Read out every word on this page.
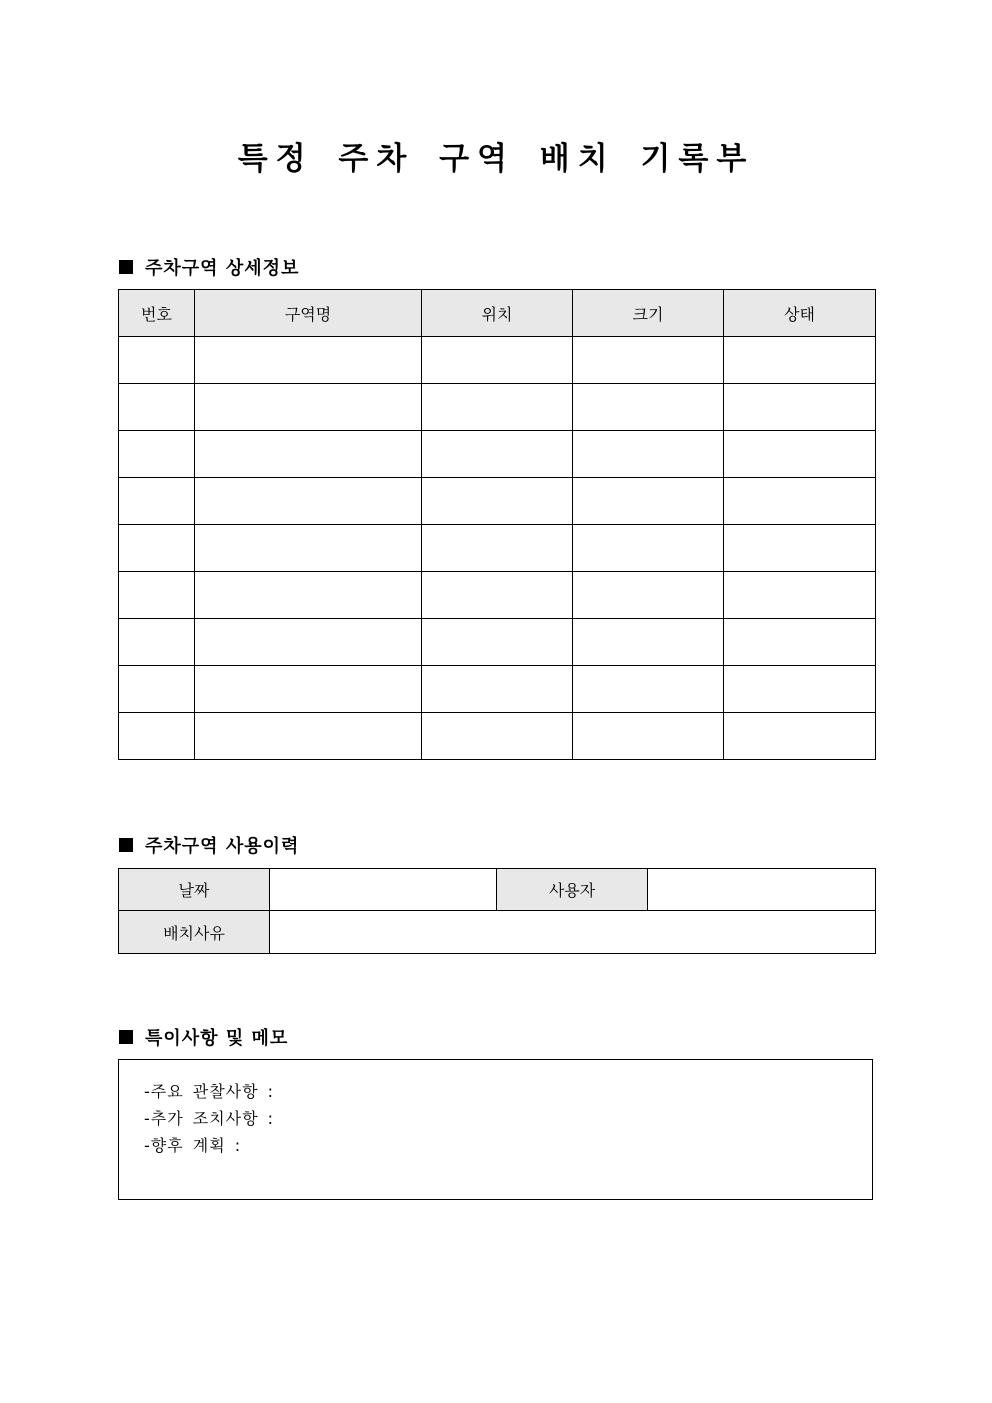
특정 주차 구역 배치 기록부
주차구역 상세정보
번호	구역명	위치	크기	상태

주차구역 사용이력
날짜		사용자	
배치사유			
특이사항 및 메모
-주요 관찰사항 :
-추가 조치사항 :
-향후 계획 :
